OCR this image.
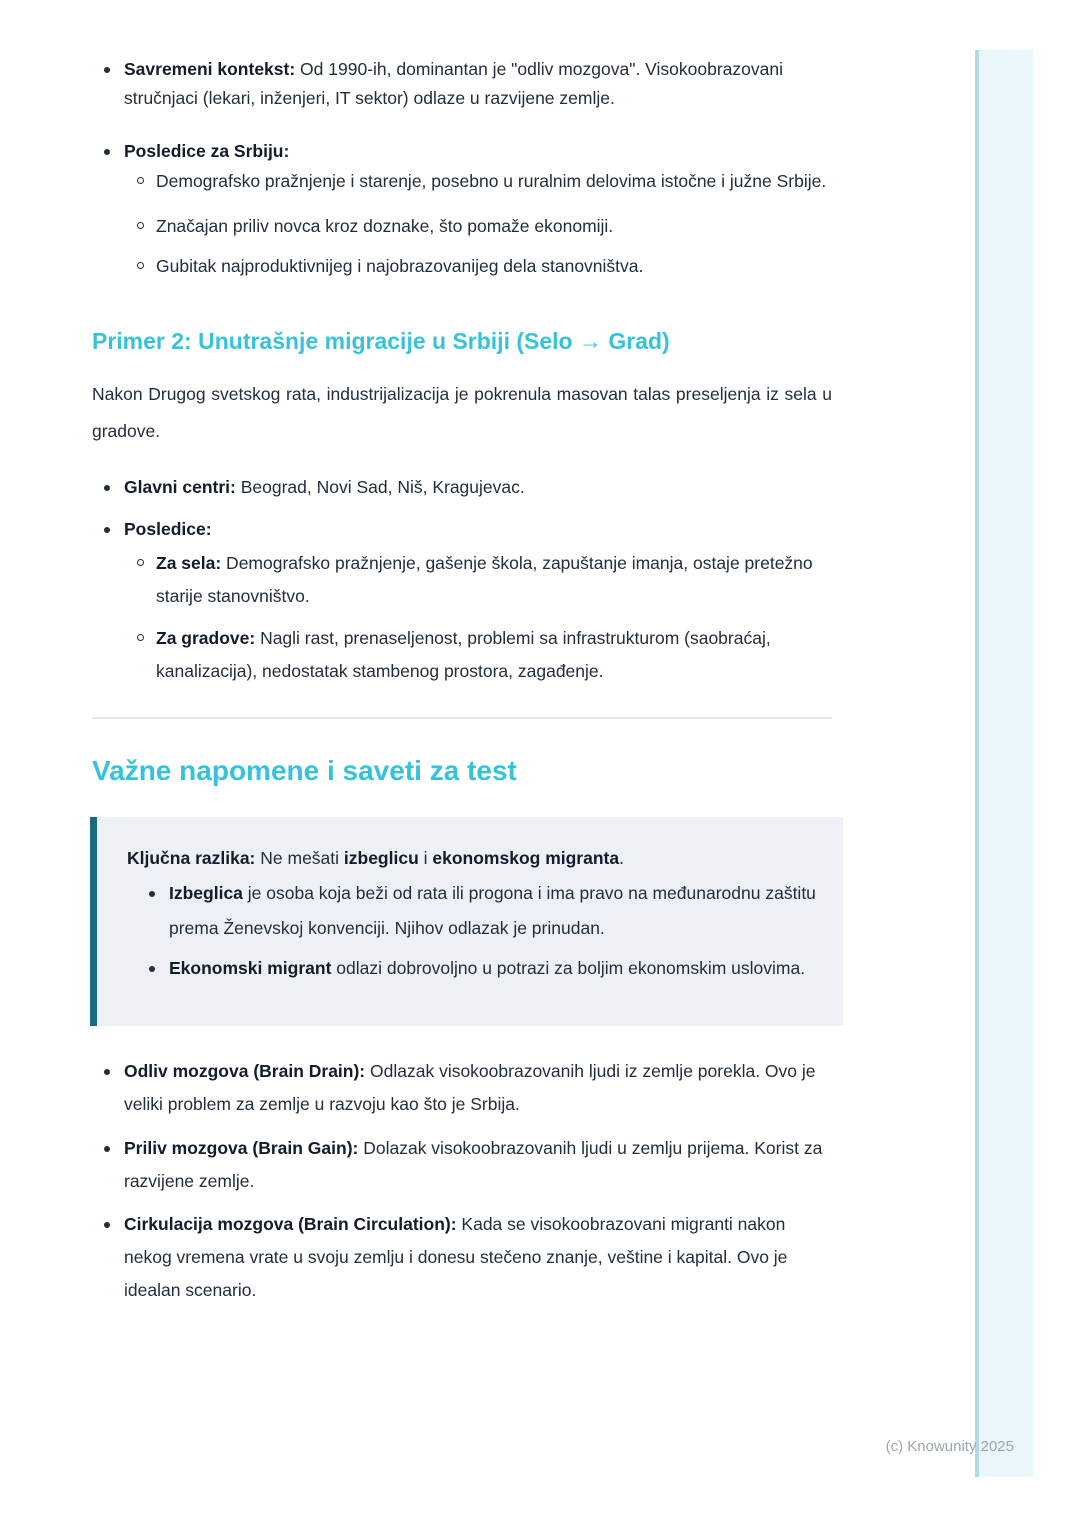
Savremeni kontekst: Od 1990-ih, dominantan je "odliv mozgova". Visokoobrazovani stručnjaci (lekari, inženjeri, IT sektor) odlaze u razvijene zemlje.
Posledice za Srbiju:
Demografsko pražnjenje i starenje, posebno u ruralnim delovima istočne i južne Srbije.
Značajan priliv novca kroz doznake, što pomaže ekonomiji.
Gubitak najproduktivnijeg i najobrazovanijeg dela stanovništva.
Primer 2: Unutrašnje migracije u Srbiji (Selo → Grad)

Nakon Drugog svetskog rata, industrijalizacija je pokrenula masovan talas preseljenja iz sela u gradove.

Glavni centri: Beograd, Novi Sad, Niš, Kragujevac.
Posledice:
Za sela: Demografsko pražnjenje, gašenje škola, zapuštanje imanja, ostaje pretežno starije stanovništvo.
Za gradove: Nagli rast, prenaseljenost, problemi sa infrastrukturom (saobraćaj, kanalizacija), nedostatak stambenog prostora, zagađenje.
Važne napomene i saveti za test
Ključna razlika: Ne mešati izbeglicu i ekonomskog migranta.
Izbeglica je osoba koja beži od rata ili progona i ima pravo na međunarodnu zaštitu prema Ženevskoj konvenciji. Njihov odlazak je prinudan.
Ekonomski migrant odlazi dobrovoljno u potrazi za boljim ekonomskim uslovima.
Odliv mozgova (Brain Drain): Odlazak visokoobrazovanih ljudi iz zemlje porekla. Ovo je veliki problem za zemlje u razvoju kao što je Srbija.
Priliv mozgova (Brain Gain): Dolazak visokoobrazovanih ljudi u zemlju prijema. Korist za razvijene zemlje.
Cirkulacija mozgova (Brain Circulation): Kada se visokoobrazovani migranti nakon nekog vremena vrate u svoju zemlju i donesu stečeno znanje, veštine i kapital. Ovo je idealan scenario.
(c) Knowunity 2025
